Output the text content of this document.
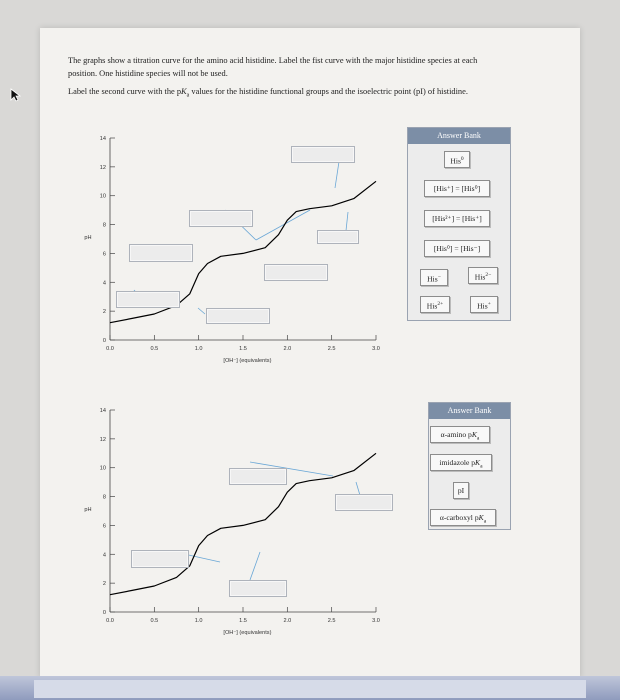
The graphs show a titration curve for the amino acid histidine. Label the fist curve with the major histidine species at each
position. One histidine species will not be used.
Label the second curve with the $pK_a$ values for the histidine functional groups and the isoelectric point (pI) of histidine.
0
2
4
6
8
10
12
14
0.0	0.5	1.0	1.5	2.0	2.5	3.0
pH
[OH⁻] (equivalents)
Answer Bank
His$^0$
[His⁺] = [His⁰]
[His²⁺] = [His⁺]
[His⁰] = [His⁻]
His−	His$^{2-}$
His$^{2+}$	His+
0
2
4
6
8
10
12
14
0.0	0.5	1.0	1.5	2.0	2.5	3.0
pH
[OH⁻] (equivalents)
Answer Bank
α-amino $pK_a$
imidazole $pK_a$
pI
α-carboxyl $pK_a$
